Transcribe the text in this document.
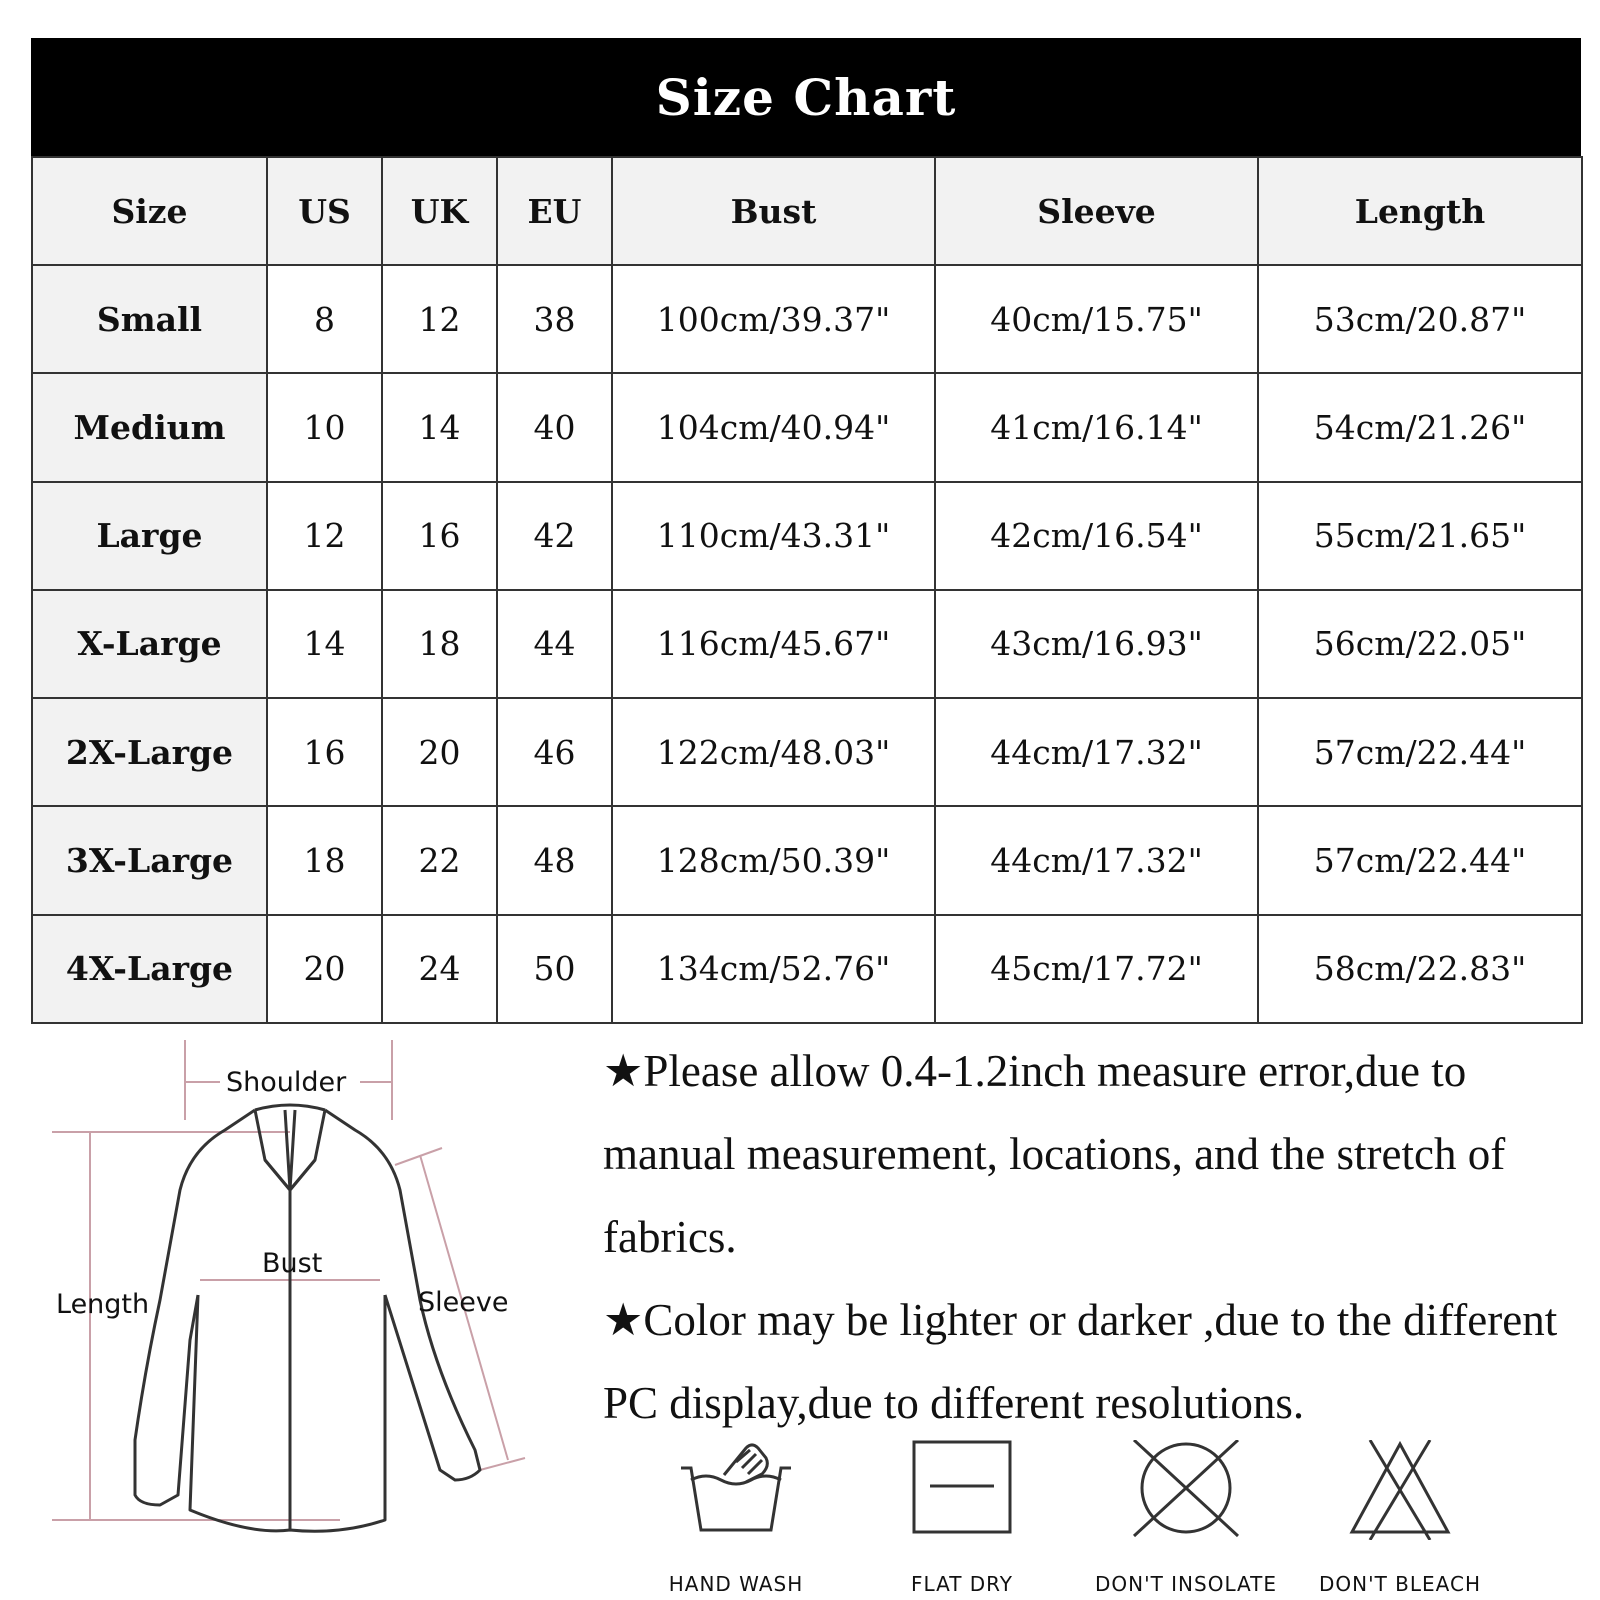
Size Chart
Size	US	UK	EU	Bust	Sleeve	Length
Small	8	12	38	100cm/39.37"	40cm/15.75"	53cm/20.87"
Medium	10	14	40	104cm/40.94"	41cm/16.14"	54cm/21.26"
Large	12	16	42	110cm/43.31"	42cm/16.54"	55cm/21.65"
X-Large	14	18	44	116cm/45.67"	43cm/16.93"	56cm/22.05"
2X-Large	16	20	46	122cm/48.03"	44cm/17.32"	57cm/22.44"
3X-Large	18	22	48	128cm/50.39"	44cm/17.32"	57cm/22.44"
4X-Large	20	24	50	134cm/52.76"	45cm/17.72"	58cm/22.83"
Shoulder
Bust
Length	Sleeve

★Please allow 0.4-1.2inch measure error,due to manual measurement, locations, and the stretch of fabrics.

★Color may be lighter or darker ,due to the different PC display,due to different resolutions.

HAND WASH	FLAT DRY	DON'T INSOLATE	DON'T BLEACH
